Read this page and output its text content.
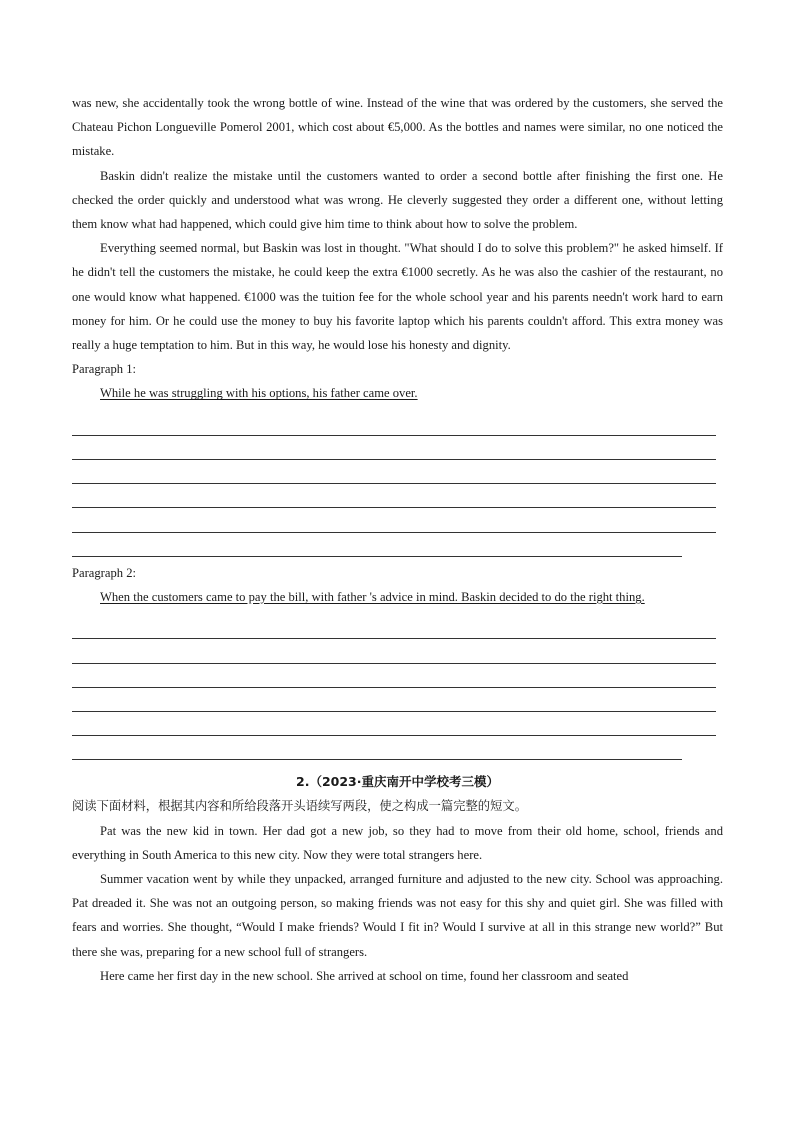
was new, she accidentally took the wrong bottle of wine. Instead of the wine that was ordered by the customers, she served the Chateau Pichon Longueville Pomerol 2001, which cost about €5,000. As the bottles and names were similar, no one noticed the mistake.

Baskin didn't realize the mistake until the customers wanted to order a second bottle after finishing the first one. He checked the order quickly and understood what was wrong. He cleverly suggested they order a different one, without letting them know what had happened, which could give him time to think about how to solve the problem.

Everything seemed normal, but Baskin was lost in thought. "What should I do to solve this problem?" he asked himself. If he didn't tell the customers the mistake, he could keep the extra €1000 secretly. As he was also the cashier of the restaurant, no one would know what happened. €1000 was the tuition fee for the whole school year and his parents needn't work hard to earn money for him. Or he could use the money to buy his favorite laptop which his parents couldn't afford. This extra money was really a huge temptation to him. But in this way, he would lose his honesty and dignity.

Paragraph 1:

While he was struggling with his options, his father came over.

Paragraph 2:

When the customers came to pay the bill, with father 's advice in mind. Baskin decided to do the right thing.

2.（2023·重庆南开中学校考三模）

阅读下面材料，根据其内容和所给段落开头语续写两段，使之构成一篇完整的短文。

Pat was the new kid in town. Her dad got a new job, so they had to move from their old home, school, friends and everything in South America to this new city. Now they were total strangers here.

Summer vacation went by while they unpacked, arranged furniture and adjusted to the new city. School was approaching. Pat dreaded it. She was not an outgoing person, so making friends was not easy for this shy and quiet girl. She was filled with fears and worries. She thought, “Would I make friends? Would I fit in? Would I survive at all in this strange new world?” But there she was, preparing for a new school full of strangers.

Here came her first day in the new school. She arrived at school on time, found her classroom and seated
